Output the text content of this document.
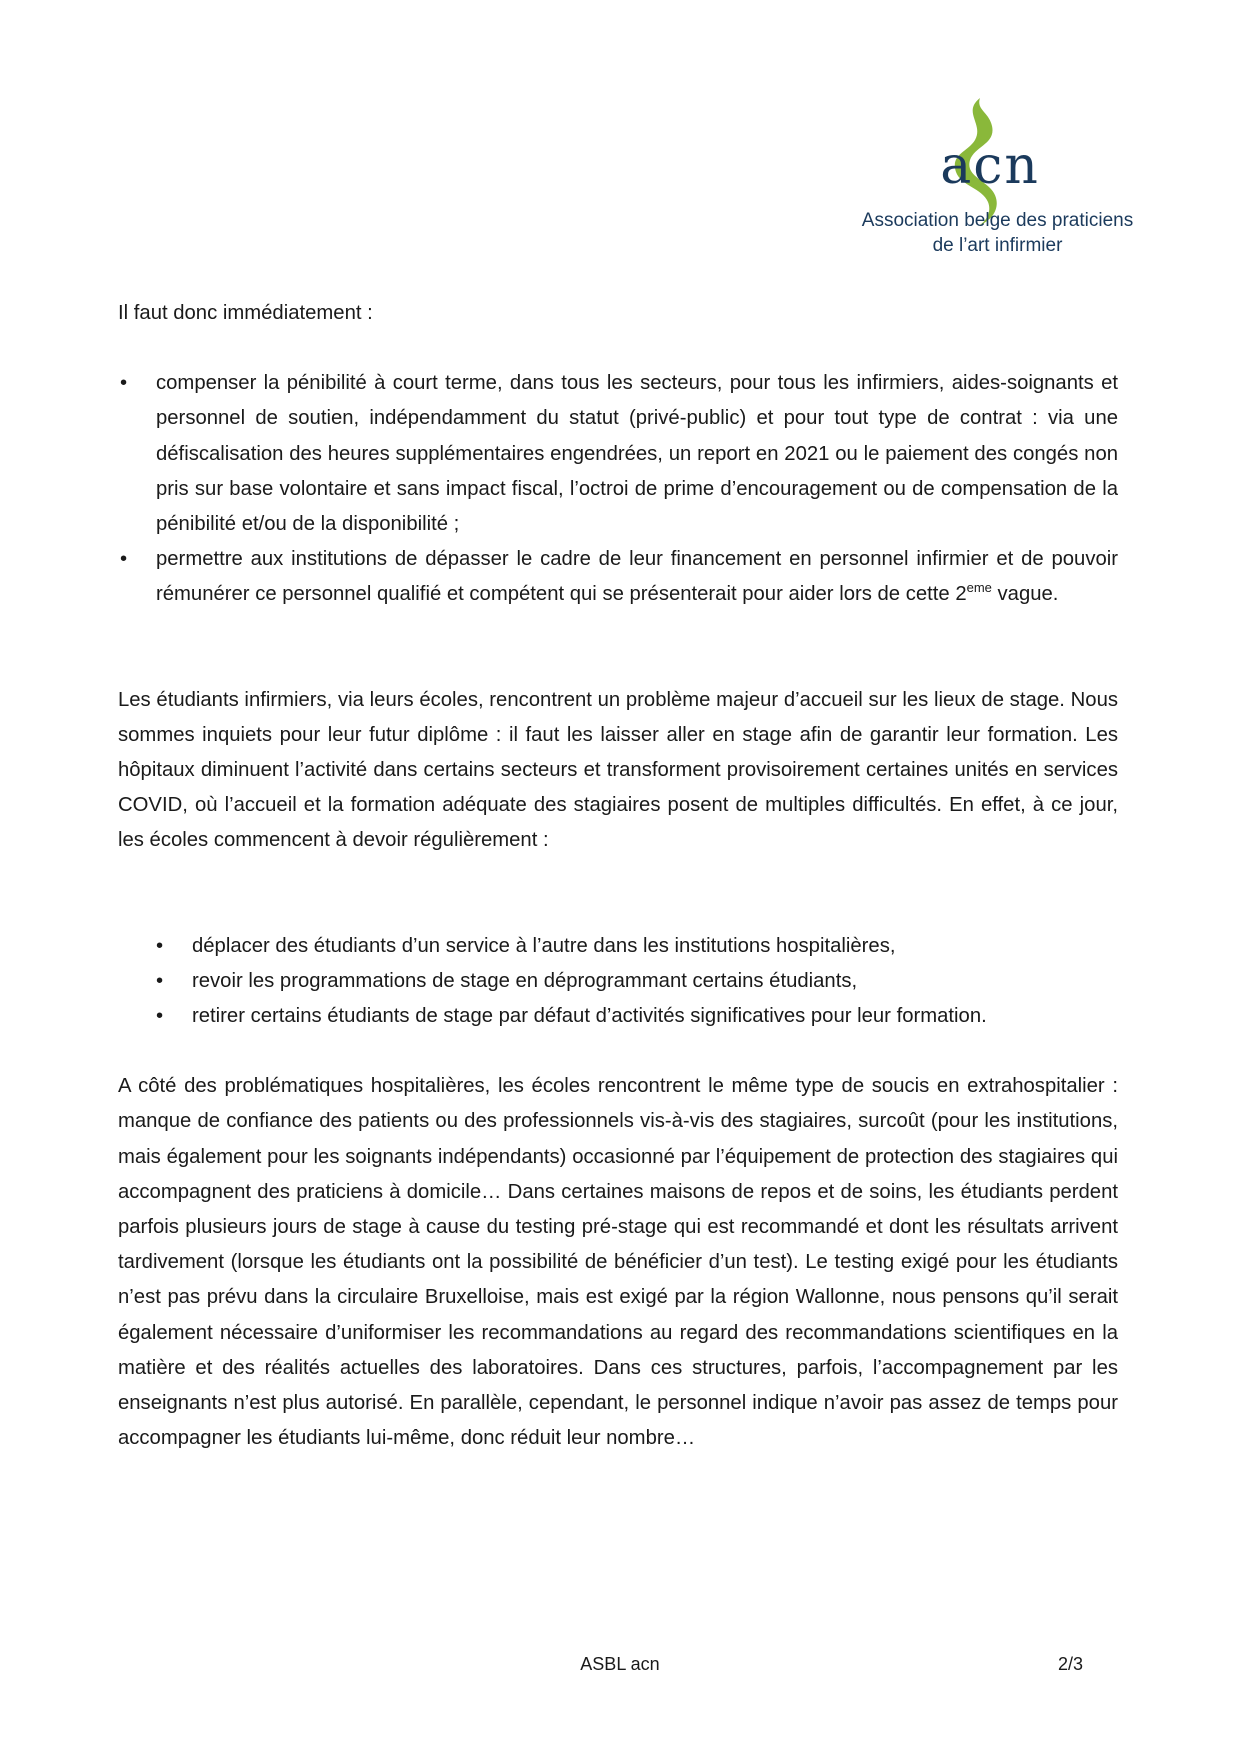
acn
Association belge des praticiens
de l’art infirmier

Il faut donc immédiatement :

• compenser la pénibilité à court terme, dans tous les secteurs, pour tous les infirmiers, aides-soignants et personnel de soutien, indépendamment du statut (privé-public) et pour tout type de contrat : via une défiscalisation des heures supplémentaires engendrées, un report en 2021 ou le paiement des congés non pris sur base volontaire et sans impact fiscal, l’octroi de prime d’encouragement ou de compensation de la pénibilité et/ou de la disponibilité ;
• permettre aux institutions de dépasser le cadre de leur financement en personnel infirmier et de pouvoir rémunérer ce personnel qualifié et compétent qui se présenterait pour aider lors de cette 2eme vague.

Les étudiants infirmiers, via leurs écoles, rencontrent un problème majeur d’accueil sur les lieux de stage. Nous sommes inquiets pour leur futur diplôme : il faut les laisser aller en stage afin de garantir leur formation. Les hôpitaux diminuent l’activité dans certains secteurs et transforment provisoirement certaines unités en services COVID, où l’accueil et la formation adéquate des stagiaires posent de multiples difficultés. En effet, à ce jour, les écoles commencent à devoir régulièrement :

• déplacer des étudiants d’un service à l’autre dans les institutions hospitalières,
• revoir les programmations de stage en déprogrammant certains étudiants,
• retirer certains étudiants de stage par défaut d’activités significatives pour leur formation.

A côté des problématiques hospitalières, les écoles rencontrent le même type de soucis en extrahospitalier : manque de confiance des patients ou des professionnels vis-à-vis des stagiaires, surcoût (pour les institutions, mais également pour les soignants indépendants) occasionné par l’équipement de protection des stagiaires qui accompagnent des praticiens à domicile… Dans certaines maisons de repos et de soins, les étudiants perdent parfois plusieurs jours de stage à cause du testing pré-stage qui est recommandé et dont les résultats arrivent tardivement (lorsque les étudiants ont la possibilité de bénéficier d’un test). Le testing exigé pour les étudiants n’est pas prévu dans la circulaire Bruxelloise, mais est exigé par la région Wallonne, nous pensons qu’il serait également nécessaire d’uniformiser les recommandations au regard des recommandations scientifiques en la matière et des réalités actuelles des laboratoires. Dans ces structures, parfois, l’accompagnement par les enseignants n’est plus autorisé. En parallèle, cependant, le personnel indique n’avoir pas assez de temps pour accompagner les étudiants lui-même, donc réduit leur nombre…

ASBL acn	2/3
